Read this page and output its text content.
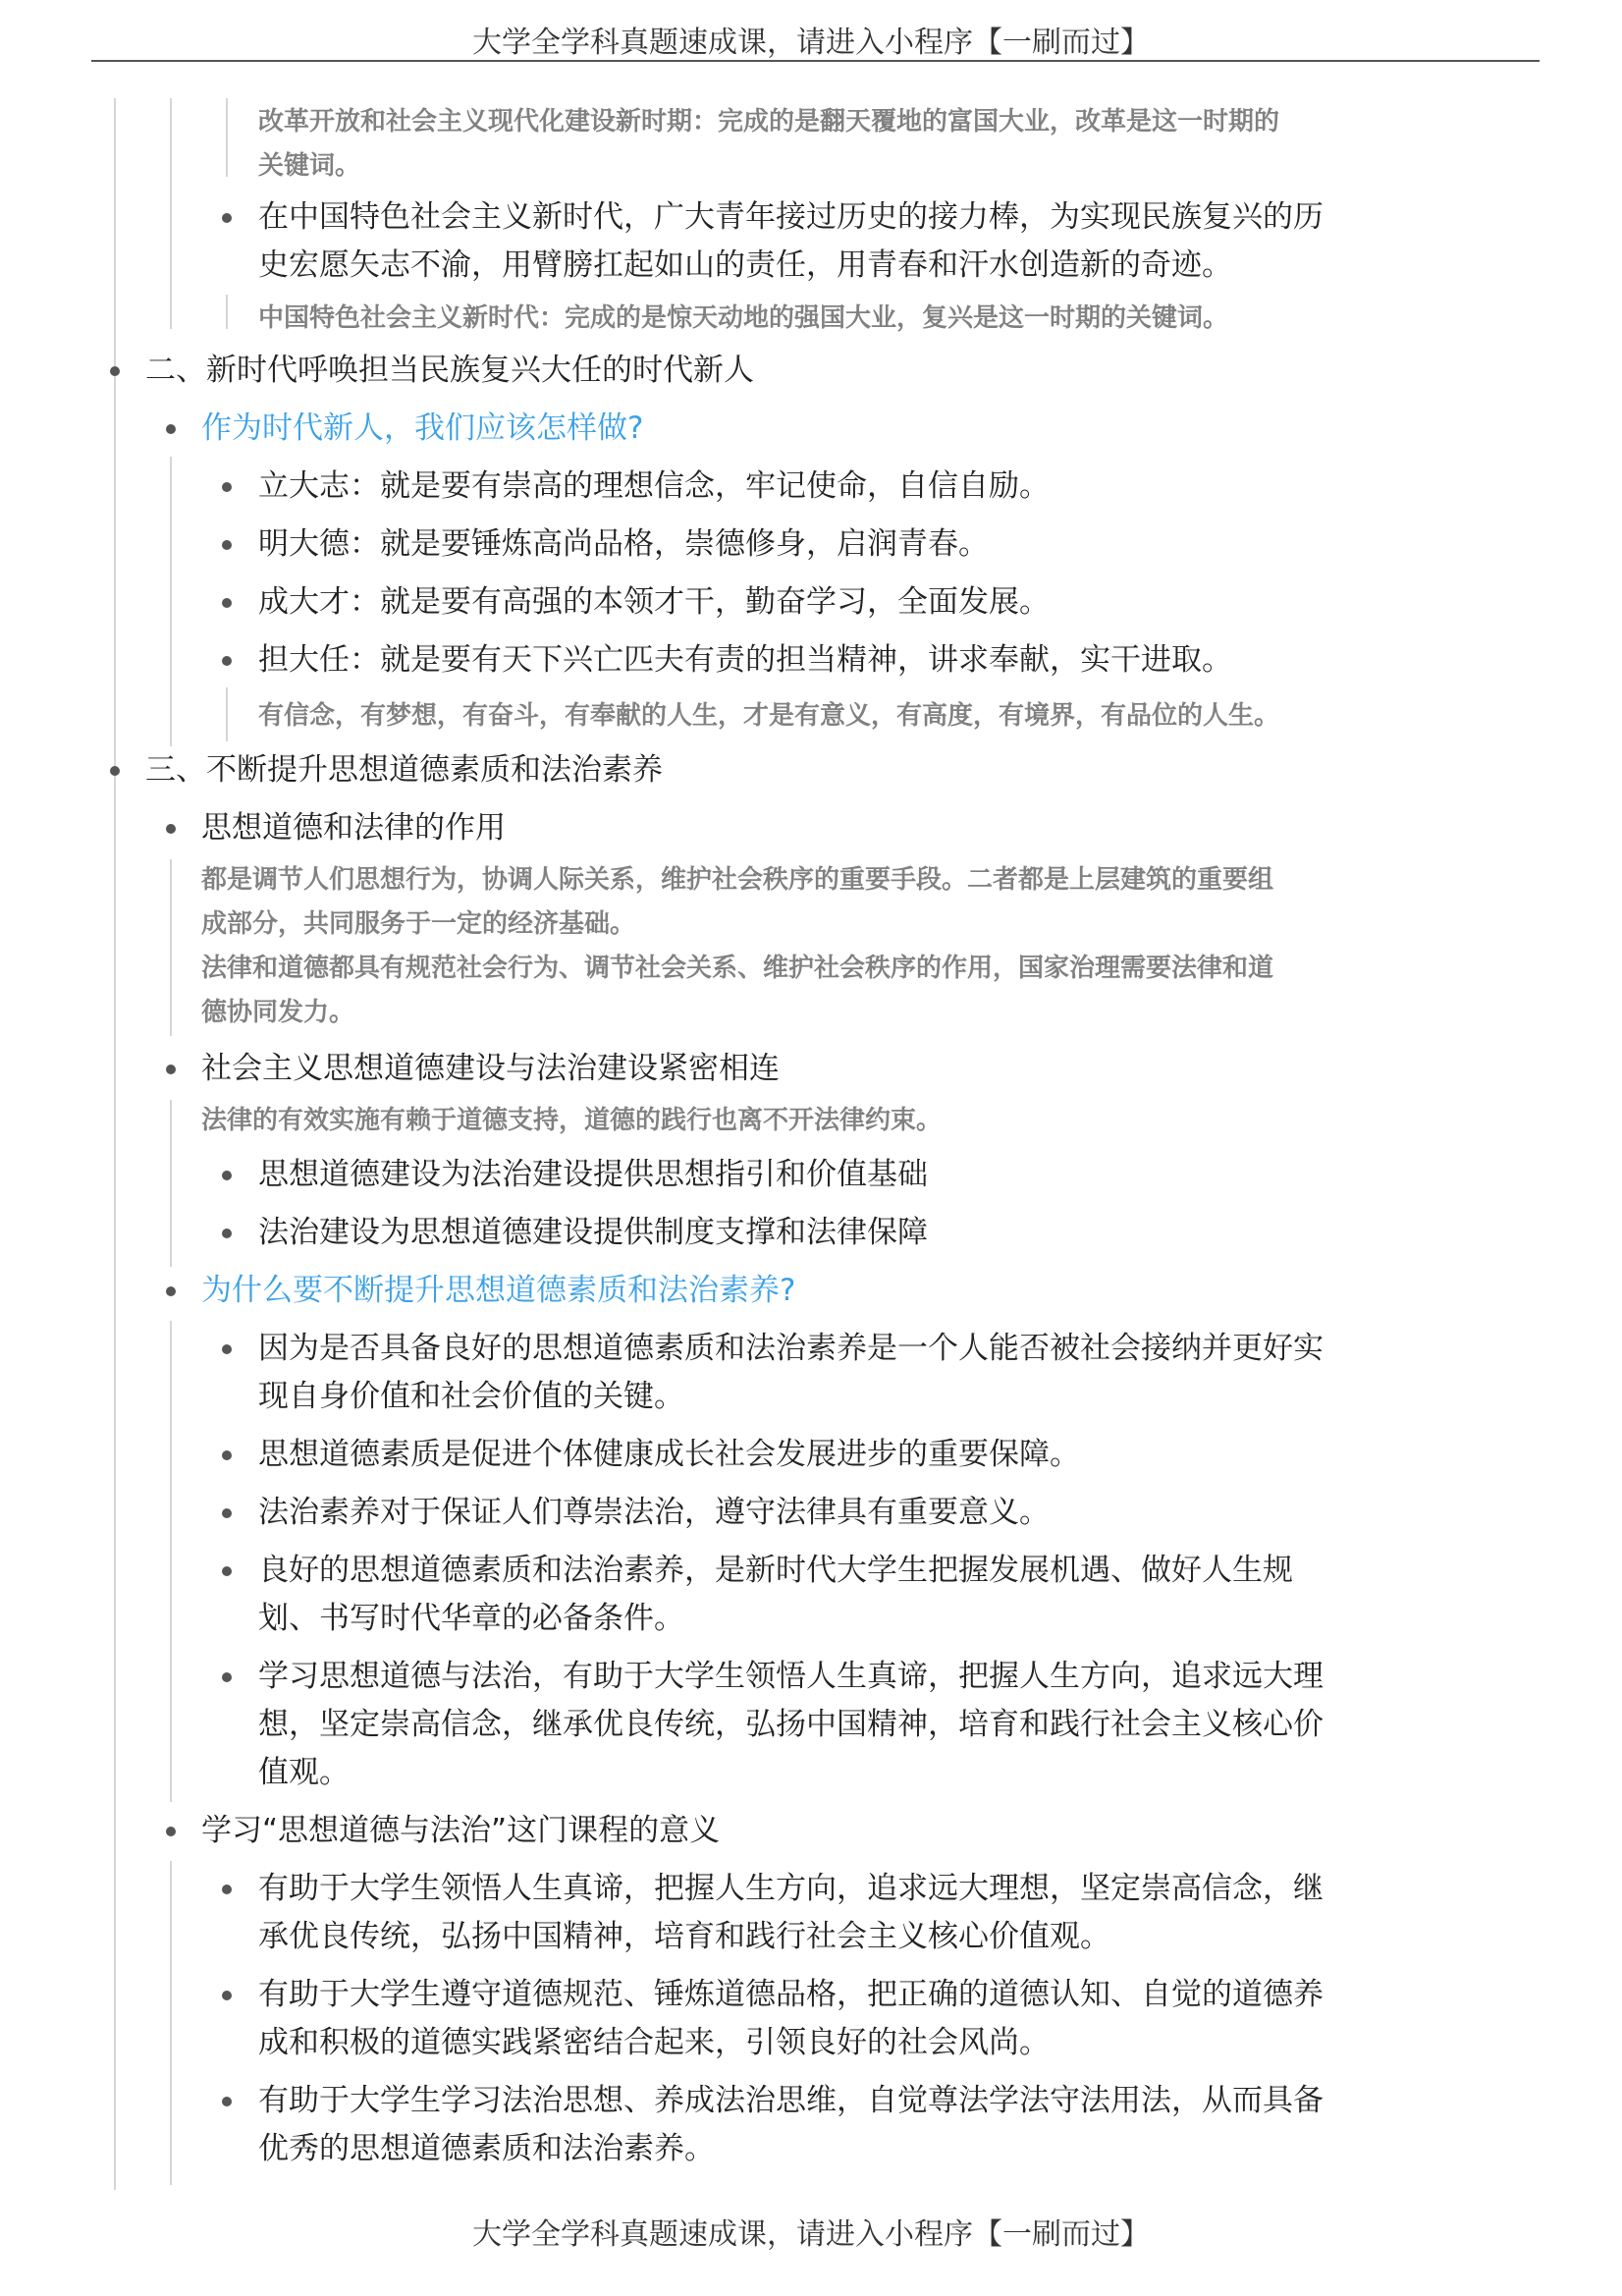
大学全学科真题速成课，请进入小程序【一刷而过】
改革开放和社会主义现代化建设新时期：完成的是翻天覆地的富国大业，改革是这一时期的
关键词。
在中国特色社会主义新时代，广大青年接过历史的接力棒，为实现民族复兴的历
史宏愿矢志不渝，用臂膀扛起如山的责任，用青春和汗水创造新的奇迹。
中国特色社会主义新时代：完成的是惊天动地的强国大业，复兴是这一时期的关键词。
二、新时代呼唤担当民族复兴大任的时代新人
作为时代新人，我们应该怎样做?
立大志：就是要有崇高的理想信念，牢记使命，自信自励。
明大德：就是要锤炼高尚品格，崇德修身，启润青春。
成大才：就是要有高强的本领才干，勤奋学习，全面发展。
担大任：就是要有天下兴亡匹夫有责的担当精神，讲求奉献，实干进取。
有信念，有梦想，有奋斗，有奉献的人生，才是有意义，有高度，有境界，有品位的人生。
三、不断提升思想道德素质和法治素养
思想道德和法律的作用
都是调节人们思想行为，协调人际关系，维护社会秩序的重要手段。二者都是上层建筑的重要组
成部分，共同服务于一定的经济基础。
法律和道德都具有规范社会行为、调节社会关系、维护社会秩序的作用，国家治理需要法律和道
德协同发力。
社会主义思想道德建设与法治建设紧密相连
法律的有效实施有赖于道德支持，道德的践行也离不开法律约束。
思想道德建设为法治建设提供思想指引和价值基础
法治建设为思想道德建设提供制度支撑和法律保障
为什么要不断提升思想道德素质和法治素养?
因为是否具备良好的思想道德素质和法治素养是一个人能否被社会接纳并更好实
现自身价值和社会价值的关键。
思想道德素质是促进个体健康成长社会发展进步的重要保障。
法治素养对于保证人们尊崇法治，遵守法律具有重要意义。
良好的思想道德素质和法治素养，是新时代大学生把握发展机遇、做好人生规
划、书写时代华章的必备条件。
学习思想道德与法治，有助于大学生领悟人生真谛，把握人生方向，追求远大理
想，坚定崇高信念，继承优良传统，弘扬中国精神，培育和践行社会主义核心价
值观。
学习“思想道德与法治”这门课程的意义
有助于大学生领悟人生真谛，把握人生方向，追求远大理想，坚定崇高信念，继
承优良传统，弘扬中国精神，培育和践行社会主义核心价值观。
有助于大学生遵守道德规范、锤炼道德品格，把正确的道德认知、自觉的道德养
成和积极的道德实践紧密结合起来，引领良好的社会风尚。
有助于大学生学习法治思想、养成法治思维，自觉尊法学法守法用法，从而具备
优秀的思想道德素质和法治素养。
大学全学科真题速成课，请进入小程序【一刷而过】
